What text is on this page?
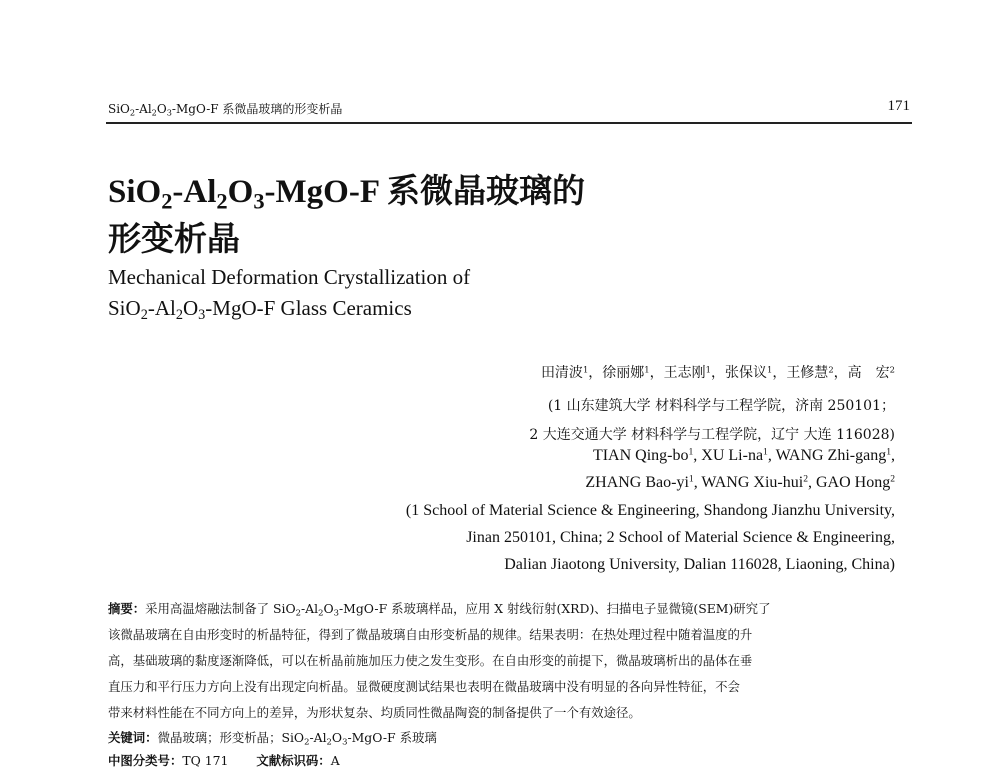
$SiO_2-Al_2O_3-MgO-F$ 系微晶玻璃的形变析晶	171
$SiO_2-Al_2O_3-MgO-F$ 系微晶玻璃的
形变析晶
Mechanical Deformation Crystallization of
$SiO_2-Al_2O_3-MgO-F$ Glass Ceramics
田清波$^1$，徐丽娜$^1$，王志刚$^1$，张保议$^1$，王修慧$^2$，高　宏$^2$
(1 山东建筑大学 材料科学与工程学院，济南 250101；
2 大连交通大学 材料科学与工程学院，辽宁 大连 116028)
TIAN Qing-$bo^1$, XU $Li-na^1$, WANG Zhi-gang$^1$,
ZHANG Bao-$yi^1$, WANG Xiu-hui$^2$, GAO Hong$^2$
(1 School of Material Science & Engineering, Shandong Jianzhu University,
Jinan 250101, China; 2 School of Material Science & Engineering,
Dalian Jiaotong University, Dalian 116028, Liaoning, China)
摘要：采用高温熔融法制备了 $SiO_2-Al_2O_3-MgO-F$ 系玻璃样品，应用 X 射线衍射(XRD)、扫描电子显微镜(SEM)研究了
该微晶玻璃在自由形变时的析晶特征，得到了微晶玻璃自由形变析晶的规律。结果表明：在热处理过程中随着温度的升
高，基础玻璃的黏度逐渐降低，可以在析晶前施加压力使之发生变形。在自由形变的前提下，微晶玻璃析出的晶体在垂
直压力和平行压力方向上没有出现定向析晶。显微硬度测试结果也表明在微晶玻璃中没有明显的各向异性特征，不会
带来材料性能在不同方向上的差异，为形状复杂、均质同性微晶陶瓷的制备提供了一个有效途径。
关键词：微晶玻璃；形变析晶；$SiO_2-Al_2O_3-MgO-F$ 系玻璃
中图分类号：TQ 171 文献标识码：A
